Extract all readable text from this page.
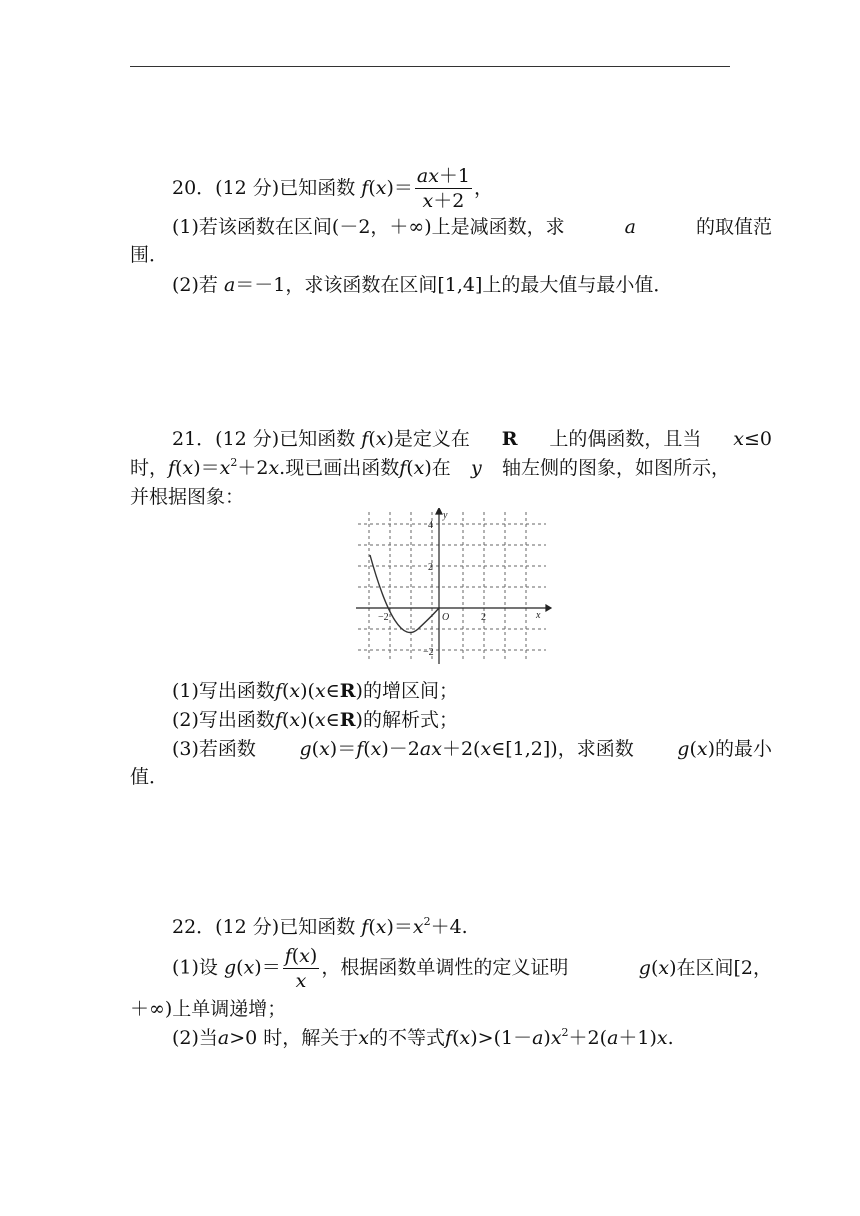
20．(12 分)已知函数
f ( x )＝ $\frac{ax+1}{x+2}$ ，
(1)若该函数在区间(－2，＋∞)上是减函数，求	a	的取值范
围．
(2)若 a＝－1，求该函数在区间[1,4]上的最大值与最小值．
21．(12 分)已知函数 f(x)是定义在 R 上的偶函数，且当 x≤0
时，$f(x)=x^2+2x$.现已画出函数f(x)在 y 轴左侧的图象，如图所示，
并根据图象：
4
2
−2
−2	2
O	x
y
(1)写出函数f(x)(x∈R)的增区间；
(2)写出函数f(x)(x∈R)的解析式；
(3)若函数 g(x)＝f(x)－2ax＋2(x∈[1,2])，求函数 g(x)的最小
值．
22．(12 分)已知函数 $f(x)=x^2+4$.
(1)设 $g(x)= \frac{f(x)}{x}$ ，根据函数单调性的定义证明	g(x)在区间[2，
＋∞)上单调递增；
(2)当a>0 时，解关于x的不等式$f(x)>(1-a)x^2+2(a+1)x$.
